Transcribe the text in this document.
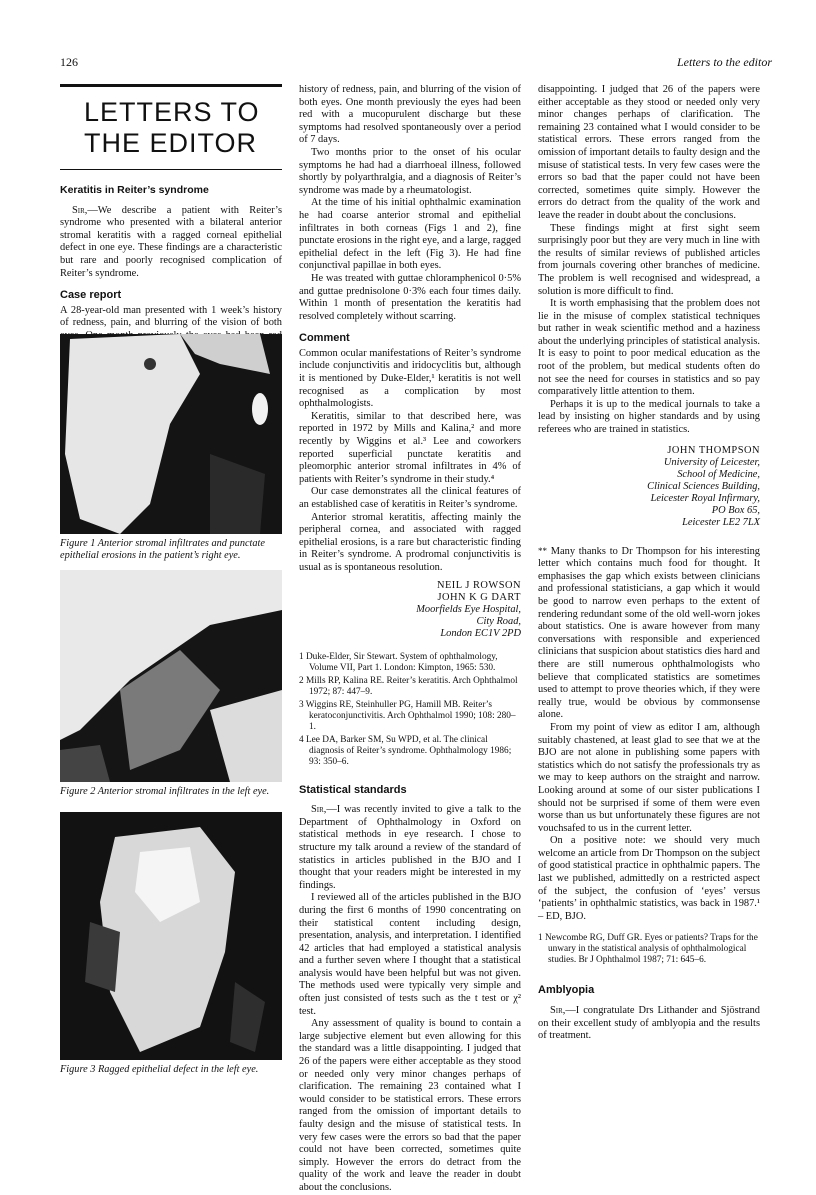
126	Letters to the editor
LETTERS TO
THE EDITOR
Keratitis in Reiter’s syndrome

Sir,—We describe a patient with Reiter’s syndrome who presented with a bilateral anterior stromal keratitis with a ragged corneal epithelial defect in one eye. These findings are a characteristic but rare and poorly recognised complication of Reiter’s syndrome.

Case report

A 28-year-old man presented with 1 week’s history of redness, pain, and blurring of the vision of both

Figure 1 Anterior stromal infiltrates and punctate epithelial erosions in the patient’s right eye.
Figure 2 Anterior stromal infiltrates in the left eye.
Figure 3 Ragged epithelial defect in the left eye.

history of redness, pain, and blurring of the vision of both eyes. One month previously the eyes had been red with a mucopurulent discharge but these symptoms had resolved spontaneously over a period of 7 days.

Two months prior to the onset of his ocular symptoms he had had a diarrhoeal illness, followed shortly by polyarthralgia, and a diagnosis of Reiter’s syndrome was made by a rheumatologist.

At the time of his initial ophthalmic examination he had coarse anterior stromal and epithelial infiltrates in both corneas (Figs 1 and 2), fine punctate erosions in the right eye, and a large, ragged epithelial defect in the left (Fig 3). He had fine conjunctival papillae in both eyes.

He was treated with guttae chloramphenicol 0·5% and guttae prednisolone 0·3% each four times daily. Within 1 month of presentation the keratitis had resolved completely without scarring.

Comment

Common ocular manifestations of Reiter’s syndrome include conjunctivitis and iridocyclitis but, although it is mentioned by Duke-Elder,¹ keratitis is not well recognised as a complication by most ophthalmologists.

Keratitis, similar to that described here, was reported in 1972 by Mills and Kalina,² and more recently by Wiggins et al.³ Lee and coworkers reported superficial punctate keratitis and pleomorphic anterior stromal infiltrates in 4% of patients with Reiter’s syndrome in their study.⁴

Our case demonstrates all the clinical features of an established case of keratitis in Reiter’s syndrome.

Anterior stromal keratitis, affecting mainly the peripheral cornea, and associated with ragged epithelial erosions, is a rare but characteristic finding in Reiter’s syndrome. A prodromal conjunctivitis is usual as is spontaneous resolution.

NEIL J ROWSON
JOHN K G DART
Moorfields Eye Hospital,
City Road,
London EC1V 2PD
1 Duke-Elder, Sir Stewart. System of ophthalmology, Volume VII, Part 1. London: Kimpton, 1965: 530.
2 Mills RP, Kalina RE. Reiter’s keratitis. Arch Ophthalmol 1972; 87: 447–9.
3 Wiggins RE, Steinhuller PG, Hamill MB. Reiter’s keratoconjunctivitis. Arch Ophthalmol 1990; 108: 280–1.
4 Lee DA, Barker SM, Su WPD, et al. The clinical diagnosis of Reiter’s syndrome. Ophthalmology 1986; 93: 350–6.
Statistical standards

Sir,—I was recently invited to give a talk to the Department of Ophthalmology in Oxford on statistical methods in eye research. I chose to structure my talk around a review of the standard of statistics in articles published in the BJO and I thought that your readers might be interested in my findings.

I reviewed all of the articles published in the BJO during the first 6 months of 1990 concentrating on their statistical content including design, presentation, analysis, and interpretation. I identified 42 articles that had employed a statistical analysis and a further seven where I thought that a statistical analysis would have been helpful but was not given. The methods used were typically very simple and often just consisted of tests such as the t test or χ² test.

Any assessment of quality is bound to contain a large subjective element but even allowing for this the standard was a little disappointing. I judged that 26 of the papers were either acceptable as they stood or needed only very minor changes perhaps of clarification. The remaining 23 contained what I would consider to be statistical errors. These errors ranged from the omission of important details to faulty design and the misuse of statistical tests. In very few cases were the errors so bad that the paper could not have been corrected, sometimes quite simply. However the errors do detract from the quality of the work and leave the reader in doubt about the conclusions.

disappointing. I judged that 26 of the papers were either acceptable as they stood or needed only very minor changes perhaps of clarification. The remaining 23 contained what I would consider to be statistical errors. These errors ranged from the omission of important details to faulty design and the misuse of statistical tests. In very few cases were the errors so bad that the paper could not have been corrected, sometimes quite simply. However the errors do detract from the quality of the work and leave the reader in doubt about the conclusions.

These findings might at first sight seem surprisingly poor but they are very much in line with the results of similar reviews of published articles from journals covering other branches of medicine. The problem is well recognised and widespread, a solution is more difficult to find.

It is worth emphasising that the problem does not lie in the misuse of complex statistical techniques but rather in weak scientific method and a haziness about the underlying principles of statistical analysis. It is easy to point to poor medical education as the root of the problem, but medical students often do not see the need for courses in statistics and so pay comparatively little attention to them.

Perhaps it is up to the medical journals to take a lead by insisting on higher standards and by using referees who are trained in statistics.

JOHN THOMPSON
University of Leicester,
School of Medicine,
Clinical Sciences Building,
Leicester Royal Infirmary,
PO Box 65,
Leicester LE2 7LX

** Many thanks to Dr Thompson for his interesting letter which contains much food for thought. It emphasises the gap which exists between clinicians and professional statisticians, a gap which it would be good to narrow even perhaps to the extent of rendering redundant some of the old well-worn jokes about statistics. One is aware however from many conversations with responsible and experienced clinicians that suspicion about statistics dies hard and there are still numerous ophthalmologists who believe that complicated statistics are sometimes used to attempt to prove theories which, if they were really true, would be obvious by commonsense alone.

From my point of view as editor I am, although suitably chastened, at least glad to see that we at the BJO are not alone in publishing some papers with statistics which do not satisfy the professionals try as we may to keep authors on the straight and narrow. Looking around at some of our sister publications I should not be surprised if some of them were even worse than us but unfortunately these figures are not vouchsafed to us in the current letter.

On a positive note: we should very much welcome an article from Dr Thompson on the subject of good statistical practice in ophthalmic papers. The last we published, admittedly on a restricted aspect of the subject, the confusion of ‘eyes’ versus ‘patients’ in ophthalmic statistics, was back in 1987.¹ – ED, BJO.

1 Newcombe RG, Duff GR. Eyes or patients? Traps for the unwary in the statistical analysis of ophthalmological studies. Br J Ophthalmol 1987; 71: 645–6.
Amblyopia

Sir,—I congratulate Drs Lithander and Sjöstrand on their excellent study of amblyopia and the results of treatment.
